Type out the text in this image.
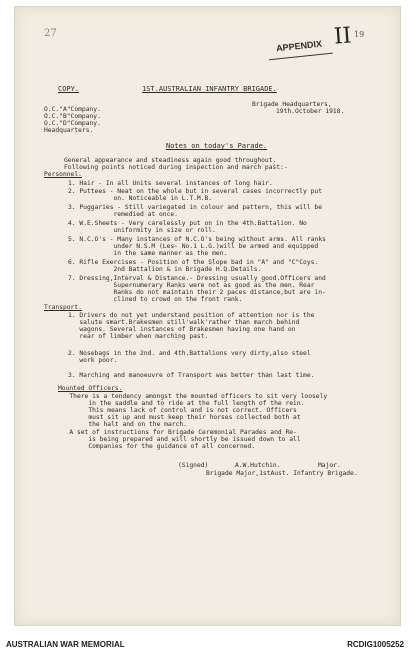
27
APPENDIX II 19
COPY.	1ST.AUSTRALIAN INFANTRY BRIGADE.
Brigade Headquarters,
19th.October 1918.
O.C."A"Company.
O.C."B"Company.
O.C."D"Company.
Headquarters.
Notes on today's Parade.
General appearance and steadiness again good throughout.
Following points noticed during inspection and march past:-
Personnel.
1. Hair - In all Units several instances of long hair.
2. Puttees - Neat on the whole but in several cases incorrectly put
on. Noticeable in L.T.M.B.
3. Puggaries - Still variegated in colour and pattern, this will be
remedied at once.
4. W.E.Sheets - Very carelessly put on in the 4th.Battalion. No
uniformity in size or roll.
5. N.C.O's - Many instances of N.C.O's being without arms. All ranks
under N.S.M (Les- No.1 L.G.)will be armed and equipped
in the same manner as the men.
6. Rifle Exercises - Position of the Slope bad in "A" and "C"Coys.
2nd Battalion & in Brigade H.Q.Details.
7. Dressing,Interval & Distance.- Dressing usually good.Officers and
Supernumerary Ranks were not as good as the men. Rear
Ranks do not maintain their 2 paces distance,but are in-
clined to crowd on the front rank.
Transport.
1. Drivers do not yet understand position of attention nor is the
salute smart.Brakesmen still'walk'rather than march behind
wagons. Several instances of Brakesmen having one hand on
rear of limber when marching past.
2. Nosebags in the 2nd. and 4th.Battalions very dirty,also steel
work poor.
3. Marching and manoeuvre of Transport was better than last time.
Mounted Officers.
There is a tendency amongst the mounted officers to sit very loosely
in the saddle and to ride at the full length of the rein.
This means lack of control and is not correct. Officers
must sit up and must keep their horses collected both at
the halt and on the march.
A set of instructions for Brigade Ceremonial Parades and Re-
is being prepared and will shortly be issued down to all
Companies for the guidance of all concerned.
(Signed)	A.W.Hutchin.	Major.
Brigade Major,1stAust. Infantry Brigade.
AUSTRALIAN WAR MEMORIAL	RCDIG1005252
